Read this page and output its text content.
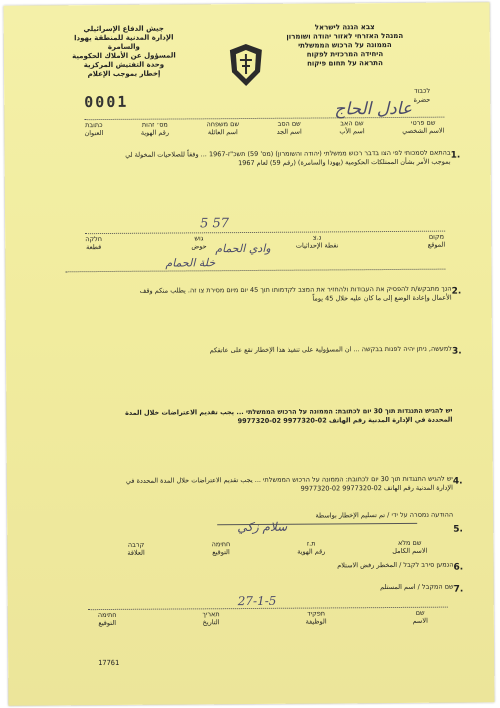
جيش الدفاع الإسرائيلي
الإدارة المدنية للمنطقة يهودا والسامرة
المسؤول عن الأملاك الحكومية
وحدة التفتيش المركزية
إخطار بموجب الإعلام
צבא הגנה לישראל
המנהל האזרחי לאזור יהודה ושומרון
הממונה על הרכוש הממשלתי
היחידה המרכזית לפקוח
התראה על תחום פיקוח
0001
לכבוד
حضرة
عادل الحاج
כתובת
العنوان
מס׳ זהות
رقم الهوية
שם משפחה
اسم العائلة
שם הסב
اسم الجد
שם האב
اسم الأب
שם פרטי
الاسم الشخصي
1.
בהתאם לסמכותי לפי הצו בדבר רכוש ממשלתי (יהודה והשומרון) (מס' 59) תשכ"ז-1967 ... وفقاً للصلاحيات المخولة لي بموجب الأمر بشأن الممتلكات الحكومية (يهودا والسامرة) (رقم 59) لعام 1967
5 57
חלקה
قطعة
גוש
حوض
נ.צ
نقطة الإحداثيات
מקום
الموقع
وادي الحمام
خلة الحمام
2.
הנך מתבקש/ת להפסיק את העבודות ולהחזיר את המצב לקדמותו תוך 45 יום מיום מסירת צו זה. يطلب منكم وقف الأعمال وإعادة الوضع إلى ما كان عليه خلال 45 يوماً
3.
למעשה, ניתן יהיה לפנות בבקשה ... ان المسؤولية على تنفيذ هذا الإخطار تقع على عاتقكم
יש להגיש התנגדות תוך 30 יום לכתובת: הממונה על הרכוש הממשלתי ... يجب تقديم الاعتراضات خلال المدة المحددة في الإدارة المدنية رقم الهاتف 02-9977320 02-9977320
4.
יש להגיש התנגדות תוך 30 יום לכתובת: הממונה על הרכוש הממשלתי ... يجب تقديم الاعتراضات خلال المدة المحددة في الإدارة المدنية رقم الهاتف 02-9977320 02-9977320
5.
ההודעה נמסרה על ידי / تم تسليم الإخطار بواسطة
سلام زكي
קרבה
العلاقة
חתימה
التوقيع
ת.ז
رقم الهوية
שם מלא
الاسم الكامل
6.
הנמען סירב לקבל / المخطر رفض الاستلام
7.
שם המקבל / اسم المستلم
27-1-5
חתימה
التوقيع
תאריך
التاريخ
תפקיד
الوظيفة
שם
الاسم
17761
